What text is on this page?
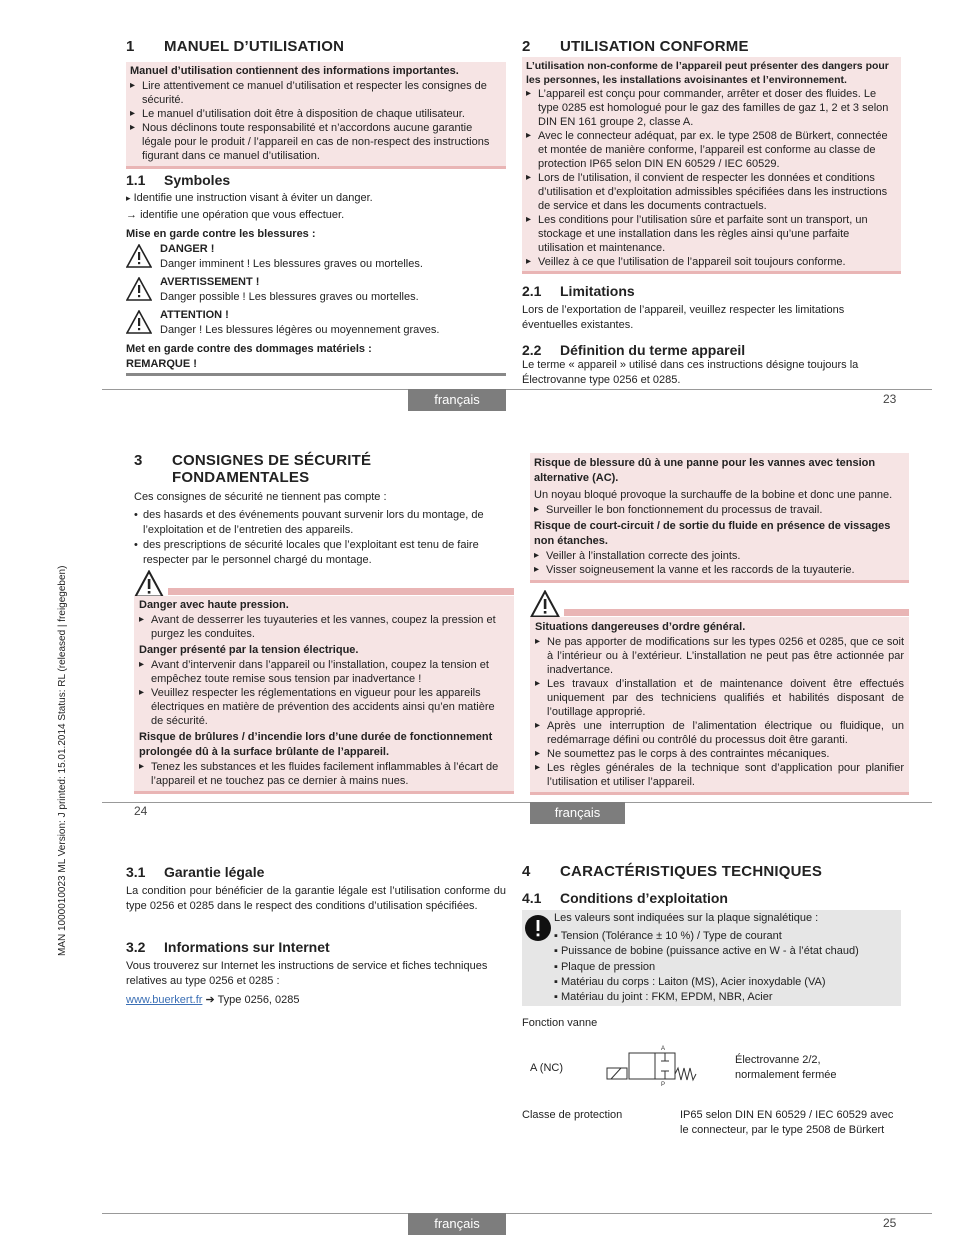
MAN 1000010023 ML Version: J printed: 15.01.2014 Status: RL (released | freigegeben)
1 MANUEL D’UTILISATION
Manuel d’utilisation contiennent des informations importantes.
▸ Lire attentivement ce manuel d’utilisation et respecter les consignes de sécurité.
▸ Le manuel d’utilisation doit être à disposition de chaque utilisateur.
▸ Nous déclinons toute responsabilité et n’accordons aucune garantie légale pour le produit / l’appareil en cas de non-respect des instructions figurant dans ce manuel d’utilisation.
1.1 Symboles
▸ Identifie une instruction visant à éviter un danger.
→ identifie une opération que vous effectuer.
Mise en garde contre les blessures :
DANGER !
Danger imminent ! Les blessures graves ou mortelles.
AVERTISSEMENT !
Danger possible ! Les blessures graves ou mortelles.
ATTENTION !
Danger ! Les blessures légères ou moyennement graves.
Met en garde contre des dommages matériels :
REMARQUE !
2 UTILISATION CONFORME
L’utilisation non-conforme de l’appareil peut présenter des dangers pour les personnes, les installations avoisinantes et l’environnement.
▸ L’appareil est conçu pour commander, arrêter et doser des fluides. Le type 0285 est homologué pour le gaz des familles de gaz 1, 2 et 3 selon DIN EN 161 groupe 2, classe A.
▸ Avec le connecteur adéquat, par ex. le type 2508 de Bürkert, connectée et montée de manière conforme, l’appareil est conforme au classe de protection IP65 selon DIN EN 60529 / IEC 60529.
▸ Lors de l’utilisation, il convient de respecter les données et conditions d’utilisation et d’exploitation admissibles spécifiées dans les instructions de service et dans les documents contractuels.
▸ Les conditions pour l’utilisation sûre et parfaite sont un transport, un stockage et une installation dans les règles ainsi qu’une parfaite utilisation et maintenance.
▸ Veillez à ce que l’utilisation de l’appareil soit toujours conforme.
2.1 Limitations
Lors de l’exportation de l’appareil, veuillez respecter les limitations éventuelles existantes.
2.2 Définition du terme appareil
Le terme « appareil » utilisé dans ces instructions désigne toujours la Électrovanne type 0256 et 0285.
français	23
3 CONSIGNES DE SÉCURITÉ FONDAMENTALES
Ces consignes de sécurité ne tiennent pas compte :
• des hasards et des événements pouvant survenir lors du montage, de l’exploitation et de l’entretien des appareils.
• des prescriptions de sécurité locales que l’exploitant est tenu de faire respecter par le personnel chargé du montage.
Danger avec haute pression.
▸ Avant de desserrer les tuyauteries et les vannes, coupez la pression et purgez les conduites.
Danger présenté par la tension électrique.
▸ Avant d’intervenir dans l’appareil ou l’installation, coupez la tension et empêchez toute remise sous tension par inadvertance !
▸ Veuillez respecter les réglementations en vigueur pour les appareils électriques en matière de prévention des accidents ainsi qu’en matière de sécurité.
Risque de brûlures / d’incendie lors d’une durée de fonctionnement prolongée dû à la surface brûlante de l’appareil.
▸ Tenez les substances et les fluides facilement inflammables à l’écart de l’appareil et ne touchez pas ce dernier à mains nues.
Risque de blessure dû à une panne pour les vannes avec tension alternative (AC).
Un noyau bloqué provoque la surchauffe de la bobine et donc une panne.
▸ Surveiller le bon fonctionnement du processus de travail.
Risque de court-circuit / de sortie du fluide en présence de vissages non étanches.
▸ Veiller à l’installation correcte des joints.
▸ Visser soigneusement la vanne et les raccords de la tuyauterie.
Situations dangereuses d’ordre général.
▸ Ne pas apporter de modifications sur les types 0256 et 0285, que ce soit à l’intérieur ou à l’extérieur. L’installation ne peut pas être actionnée par inadvertance.
▸ Les travaux d’installation et de maintenance doivent être effectués uniquement par des techniciens qualifiés et habilités disposant de l’outillage approprié.
▸ Après une interruption de l’alimentation électrique ou fluidique, un redémarrage défini ou contrôlé du processus doit être garanti.
▸ Ne soumettez pas le corps à des contraintes mécaniques.
▸ Les règles générales de la technique sont d’application pour planifier l’utilisation et utiliser l’appareil.
24	français
3.1 Garantie légale
La condition pour bénéficier de la garantie légale est l’utilisation conforme du type 0256 et 0285 dans le respect des conditions d’utilisation spécifiées.
3.2 Informations sur Internet
Vous trouverez sur Internet les instructions de service et fiches techniques relatives au type 0256 et 0285 :
www.buerkert.fr ➔ Type 0256, 0285
4 CARACTÉRISTIQUES TECHNIQUES
4.1 Conditions d’exploitation
Les valeurs sont indiquées sur la plaque signalétique :
▪ Tension (Tolérance ± 10 %) / Type de courant
▪ Puissance de bobine (puissance active en W - à l’état chaud)
▪ Plaque de pression
▪ Matériau du corps : Laiton (MS), Acier inoxydable (VA)
▪ Matériau du joint : FKM, EPDM, NBR, Acier
Fonction vanne
A (NC)
A
P
Électrovanne 2/2, normalement fermée
Classe de protection	IP65 selon DIN EN 60529 / IEC 60529 avec le connecteur, par le type 2508 de Bürkert
français	25
